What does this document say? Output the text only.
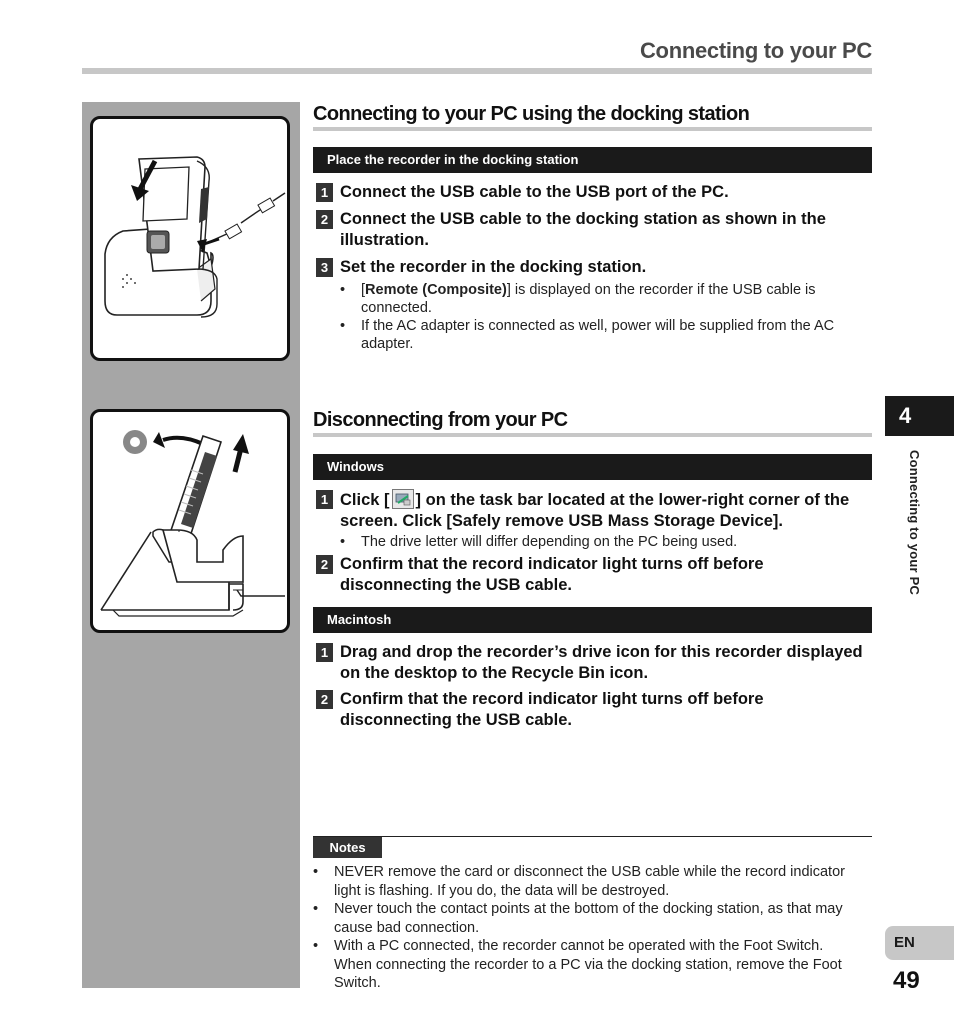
Connecting to your PC
Connecting to your PC using the docking station
Place the recorder in the docking station
1 Connect the USB cable to the USB port of the PC.
2 Connect the USB cable to the docking station as shown in the illustration.
3 Set the recorder in the docking station.
• [Remote (Composite)] is displayed on the recorder if the USB cable is connected.
• If the AC adapter is connected as well, power will be supplied from the AC adapter.
Disconnecting from your PC
Windows
1 Click [ ] on the task bar located at the lower-right corner of the screen. Click [Safely remove USB Mass Storage Device].
• The drive letter will differ depending on the PC being used.
2 Confirm that the record indicator light turns off before disconnecting the USB cable.
Macintosh
1 Drag and drop the recorder’s drive icon for this recorder displayed on the desktop to the Recycle Bin icon.
2 Confirm that the record indicator light turns off before disconnecting the USB cable.
Notes
• NEVER remove the card or disconnect the USB cable while the record indicator light is flashing. If you do, the data will be destroyed.
• Never touch the contact points at the bottom of the docking station, as that may cause bad connection.
• With a PC connected, the recorder cannot be operated with the Foot Switch. When connecting the recorder to a PC via the docking station, remove the Foot Switch.
4
Connecting to your PC
EN
49
